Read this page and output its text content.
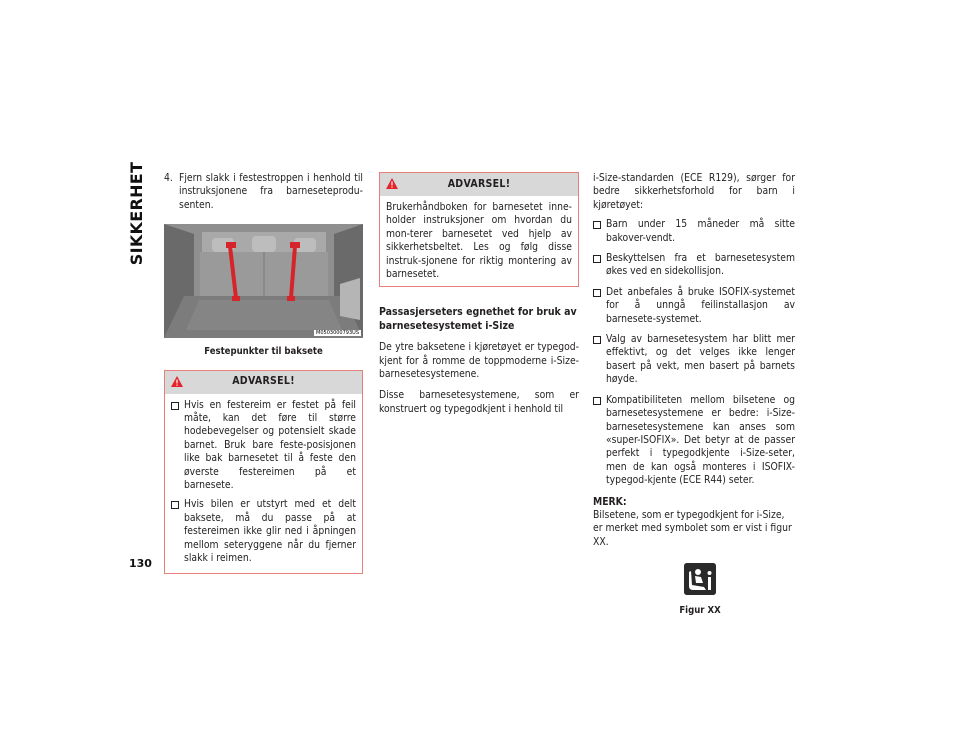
SIKKERHET
130
4. Fjern slakk i festestroppen i henhold til instruksjonene fra barneseteprodu-senten.
M0503000793US
Festepunkter til baksete
ADVARSEL!
Hvis en festereim er festet på feil måte, kan det føre til større hodebevegelser og potensielt skade barnet. Bruk bare feste-posisjonen like bak barnesetet til å feste den øverste festereimen på et barnesete.
Hvis bilen er utstyrt med et delt baksete, må du passe på at festereimen ikke glir ned i åpningen mellom seteryggene når du fjerner slakk i reimen.
ADVARSEL!
Brukerhåndboken for barnesetet inne-holder instruksjoner om hvordan du mon-terer barnesetet ved hjelp av sikkerhetsbeltet. Les og følg disse instruk-sjonene for riktig montering av barnesetet.
Passasjerseters egnethet for bruk av barnesetesystemet i-Size

De ytre baksetene i kjøretøyet er typegod-kjent for å romme de toppmoderne i-Size-barnesetesystemene.

Disse barnesetesystemene, som er konstruert og typegodkjent i henhold til

i-Size-standarden (ECE R129), sørger for bedre sikkerhetsforhold for barn i kjøretøyet:

Barn under 15 måneder må sitte bakover-vendt.
Beskyttelsen fra et barnesetesystem økes ved en sidekollisjon.
Det anbefales å bruke ISOFIX-systemet for å unngå feilinstallasjon av barnesete-systemet.
Valg av barnesetesystem har blitt mer effektivt, og det velges ikke lenger basert på vekt, men basert på barnets høyde.
Kompatibiliteten mellom bilsetene og barnesetesystemene er bedre: i-Size-barnesetesystemene kan anses som «super-ISOFIX». Det betyr at de passer perfekt i typegodkjente i-Size-seter, men de kan også monteres i ISOFIX-typegod-kjente (ECE R44) seter.
MERK:

Bilsetene, som er typegodkjent for i-Size, er merket med symbolet som er vist i figur XX.

Figur XX
